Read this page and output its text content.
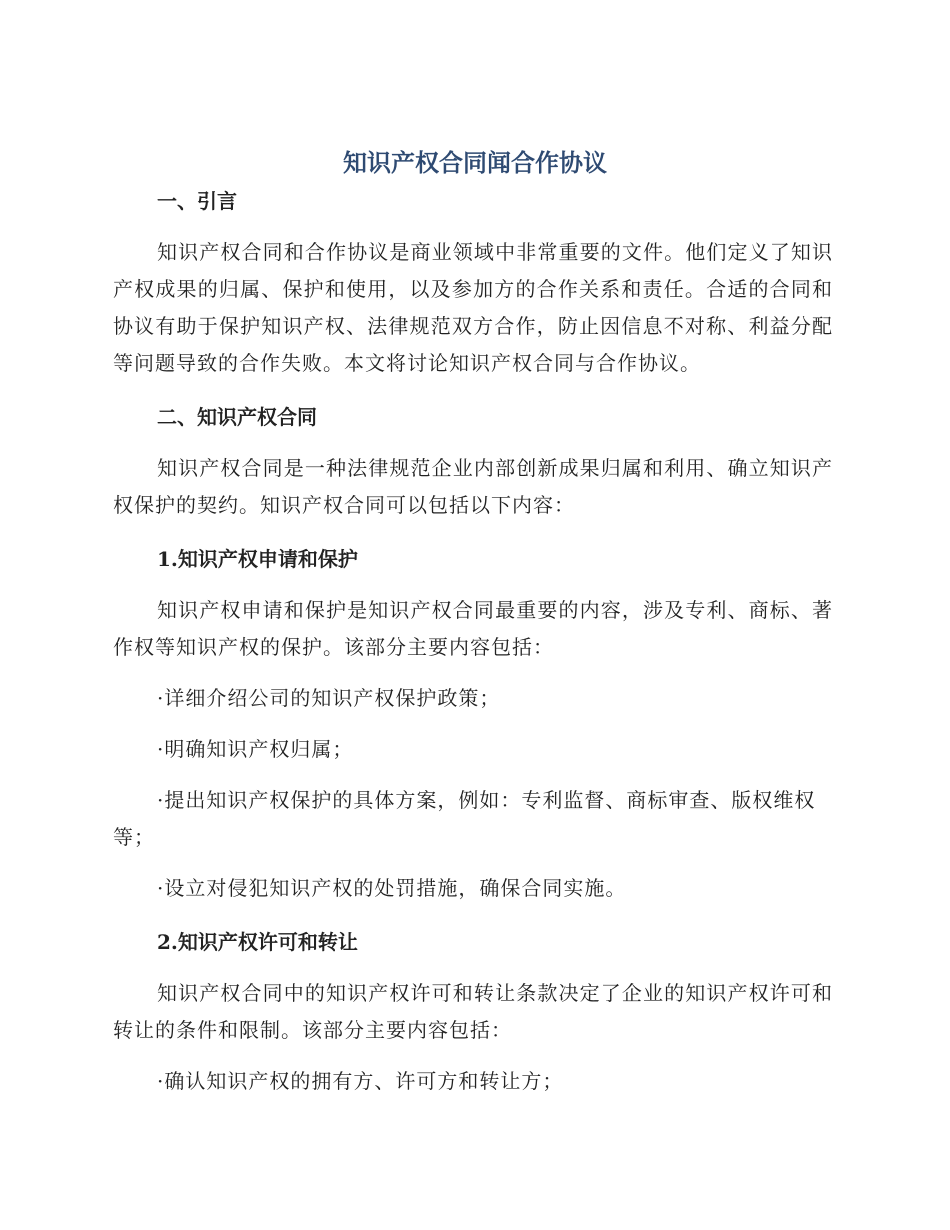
知识产权合同闻合作协议
一、引言

知识产权合同和合作协议是商业领域中非常重要的文件。他们定义了知识产权成果的归属、保护和使用，以及参加方的合作关系和责任。合适的合同和协议有助于保护知识产权、法律规范双方合作，防止因信息不对称、利益分配等问题导致的合作失败。本文将讨论知识产权合同与合作协议。

二、知识产权合同

知识产权合同是一种法律规范企业内部创新成果归属和利用、确立知识产权保护的契约。知识产权合同可以包括以下内容：

1.知识产权申请和保护

知识产权申请和保护是知识产权合同最重要的内容，涉及专利、商标、著作权等知识产权的保护。该部分主要内容包括：

·详细介绍公司的知识产权保护政策；

·明确知识产权归属；

·提出知识产权保护的具体方案，例如：专利监督、商标审查、版权维权等；

·设立对侵犯知识产权的处罚措施，确保合同实施。

2.知识产权许可和转让

知识产权合同中的知识产权许可和转让条款决定了企业的知识产权许可和转让的条件和限制。该部分主要内容包括：

·确认知识产权的拥有方、许可方和转让方；
